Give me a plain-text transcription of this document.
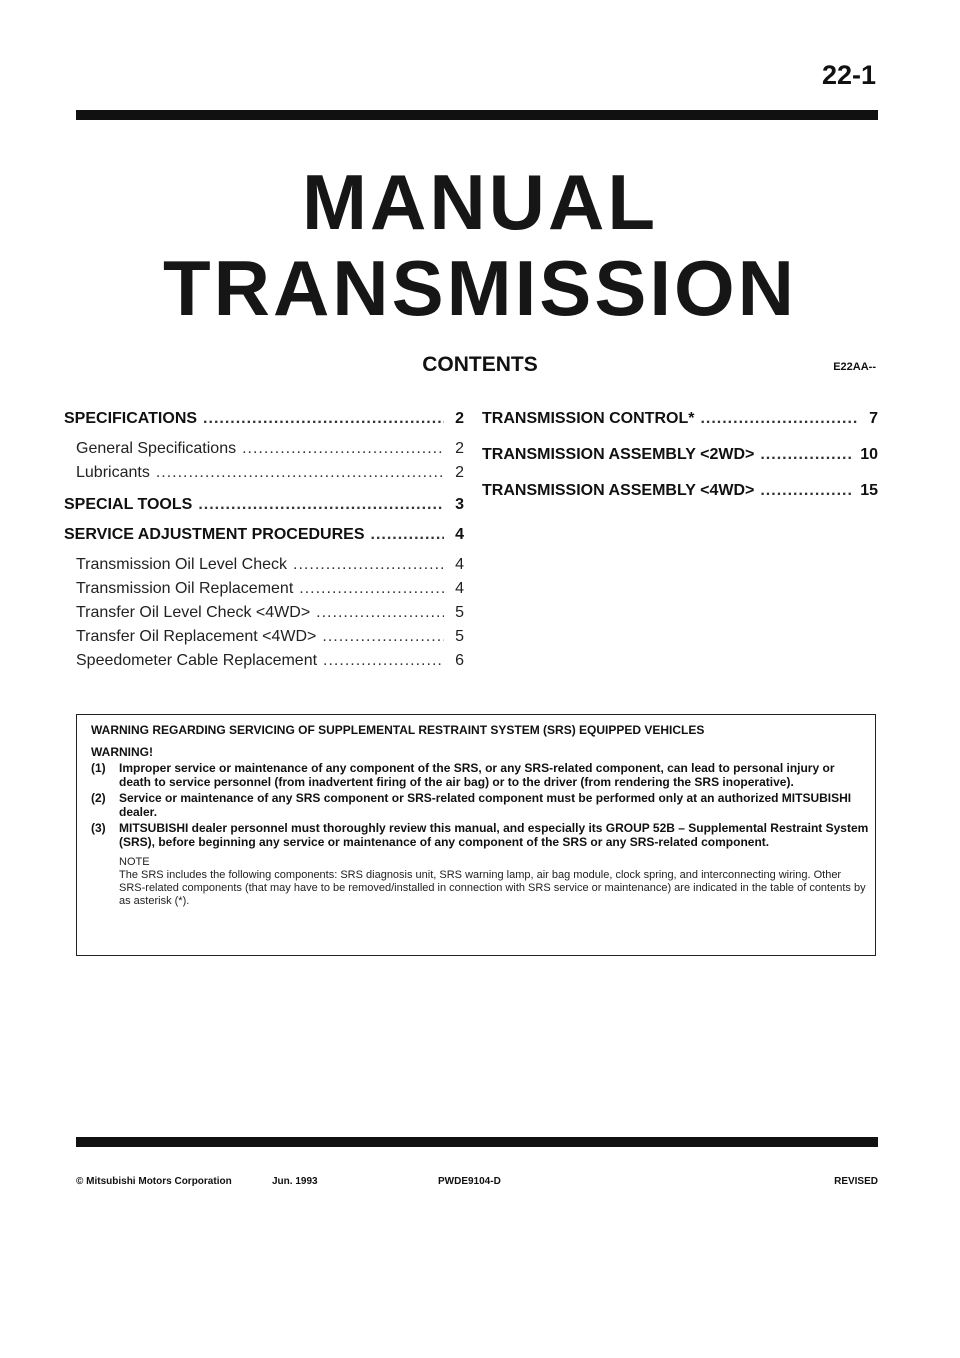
22-1
MANUAL
TRANSMISSION
CONTENTS	E22AA--
SPECIFICATIONS .....	2
General Specifications .....	2
Lubricants .....	2
SPECIAL TOOLS .....	3
SERVICE ADJUSTMENT PROCEDURES .....	4
Transmission Oil Level Check .....	4
Transmission Oil Replacement .....	4
Transfer Oil Level Check <4WD> .....	5
Transfer Oil Replacement <4WD> .....	5
Speedometer Cable Replacement .....	6
TRANSMISSION CONTROL* .....	7
TRANSMISSION ASSEMBLY <2WD> .....	10
TRANSMISSION ASSEMBLY <4WD> .....	15
WARNING REGARDING SERVICING OF SUPPLEMENTAL RESTRAINT SYSTEM (SRS) EQUIPPED VEHICLES
WARNING!
(1)	Improper service or maintenance of any component of the SRS, or any SRS-related component, can lead to personal injury or death to service personnel (from inadvertent firing of the air bag) or to the driver (from rendering the SRS inoperative).
(2)	Service or maintenance of any SRS component or SRS-related component must be performed only at an authorized MITSUBISHI dealer.
(3)	MITSUBISHI dealer personnel must thoroughly review this manual, and especially its GROUP 52B – Supplemental Restraint System (SRS), before beginning any service or maintenance of any component of the SRS or any SRS-related component.
NOTE
The SRS includes the following components: SRS diagnosis unit, SRS warning lamp, air bag module, clock spring, and interconnecting wiring. Other SRS-related components (that may have to be removed/installed in connection with SRS service or maintenance) are indicated in the table of contents by as asterisk (*).
© Mitsubishi Motors Corporation	Jun. 1993	PWDE9104-D	REVISED
